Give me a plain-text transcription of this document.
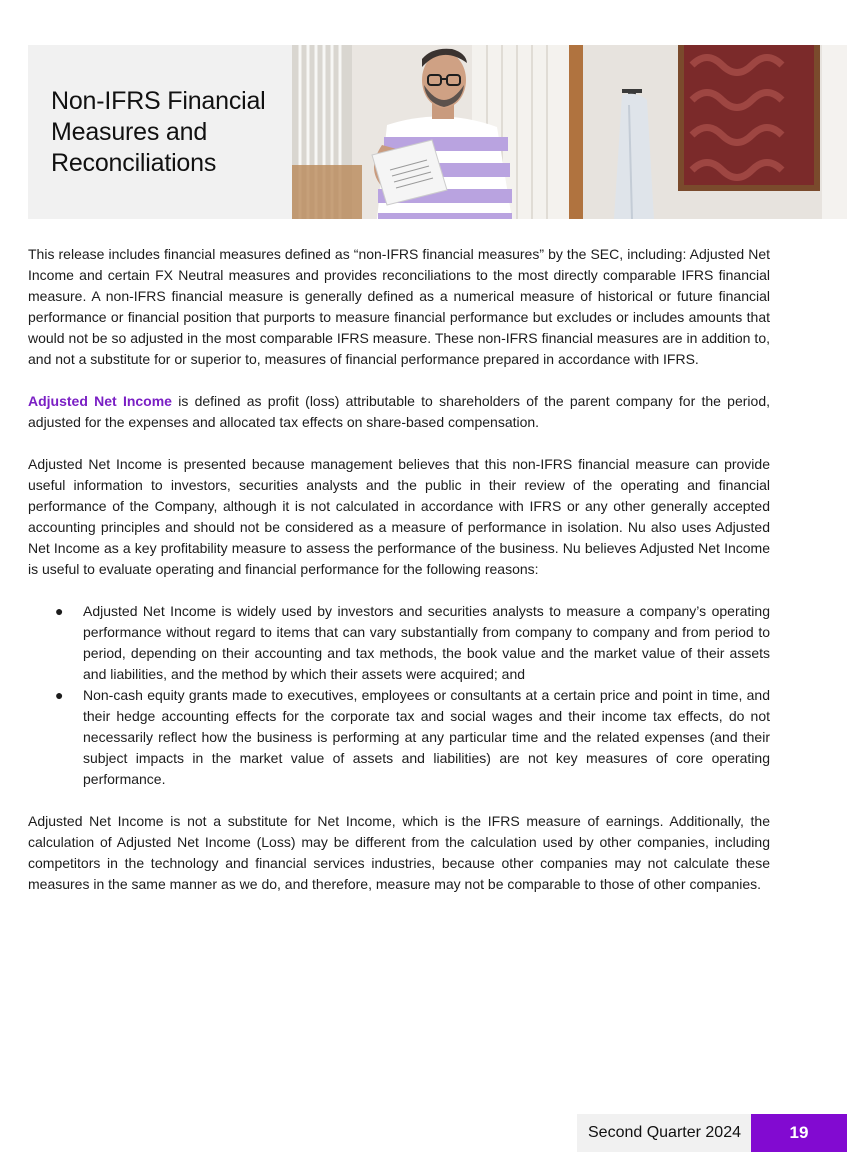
Non-IFRS Financial
Measures and
Reconciliations

This release includes financial measures defined as “non-IFRS financial measures” by the SEC, including: Adjusted Net Income and certain FX Neutral measures and provides reconciliations to the most directly comparable IFRS financial measure. A non-IFRS financial measure is generally defined as a numerical measure of historical or future financial performance or financial position that purports to measure financial performance but excludes or includes amounts that would not be so adjusted in the most comparable IFRS measure. These non-IFRS financial measures are in addition to, and not a substitute for or superior to, measures of financial performance prepared in accordance with IFRS.

Adjusted Net Income is defined as profit (loss) attributable to shareholders of the parent company for the period, adjusted for the expenses and allocated tax effects on share-based compensation.

Adjusted Net Income is presented because management believes that this non-IFRS financial measure can provide useful information to investors, securities analysts and the public in their review of the operating and financial performance of the Company, although it is not calculated in accordance with IFRS or any other generally accepted accounting principles and should not be considered as a measure of performance in isolation. Nu also uses Adjusted Net Income as a key profitability measure to assess the performance of the business. Nu believes Adjusted Net Income is useful to evaluate operating and financial performance for the following reasons:

● Adjusted Net Income is widely used by investors and securities analysts to measure a company’s operating performance without regard to items that can vary substantially from company to company and from period to period, depending on their accounting and tax methods, the book value and the market value of their assets and liabilities, and the method by which their assets were acquired; and
● Non-cash equity grants made to executives, employees or consultants at a certain price and point in time, and their hedge accounting effects for the corporate tax and social wages and their income tax effects, do not necessarily reflect how the business is performing at any particular time and the related expenses (and their subject impacts in the market value of assets and liabilities) are not key measures of core operating performance.

Adjusted Net Income is not a substitute for Net Income, which is the IFRS measure of earnings. Additionally, the calculation of Adjusted Net Income (Loss) may be different from the calculation used by other companies, including competitors in the technology and financial services industries, because other companies may not calculate these measures in the same manner as we do, and therefore, measure may not be comparable to those of other companies.

Second Quarter 2024	19
